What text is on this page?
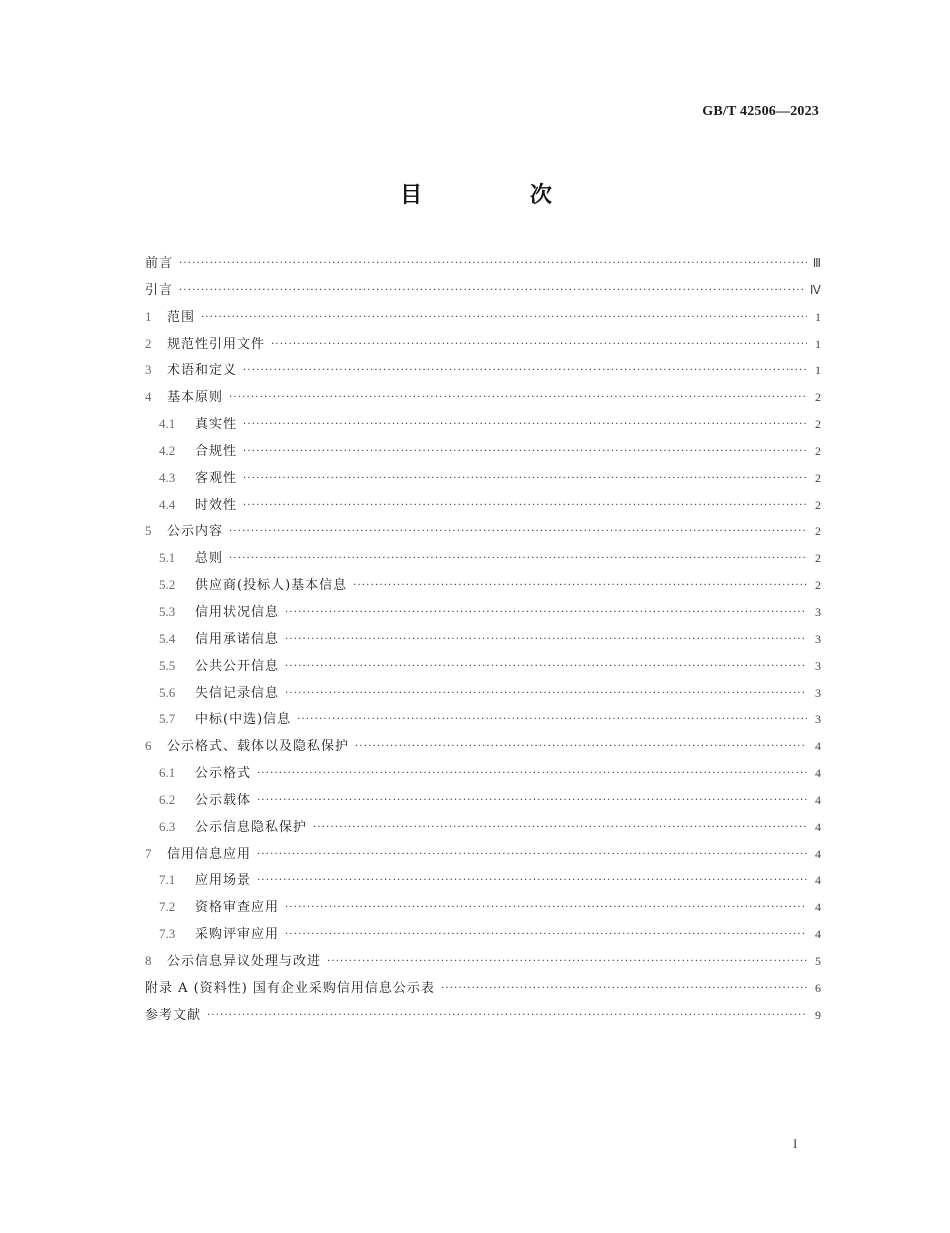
GB/T 42506—2023
目 次
前言 ·····	Ⅲ
引言 ·····	Ⅳ
1 范围 ·····	1
2 规范性引用文件 ·····	1
3 术语和定义 ·····	1
4 基本原则 ·····	2
4.1 真实性 ·····	2
4.2 合规性 ·····	2
4.3 客观性 ·····	2
4.4 时效性 ·····	2
5 公示内容 ·····	2
5.1 总则 ·····	2
5.2 供应商(投标人)基本信息 ·····	2
5.3 信用状况信息 ·····	3
5.4 信用承诺信息 ·····	3
5.5 公共公开信息 ·····	3
5.6 失信记录信息 ·····	3
5.7 中标(中选)信息 ·····	3
6 公示格式、载体以及隐私保护 ·····	4
6.1 公示格式 ·····	4
6.2 公示载体 ·····	4
6.3 公示信息隐私保护 ·····	4
7 信用信息应用 ·····	4
7.1 应用场景 ·····	4
7.2 资格审查应用 ·····	4
7.3 采购评审应用 ·····	4
8 公示信息异议处理与改进 ·····	5
附录 A (资料性) 国有企业采购信用信息公示表 ·····	6
参考文献 ·····	9
I
